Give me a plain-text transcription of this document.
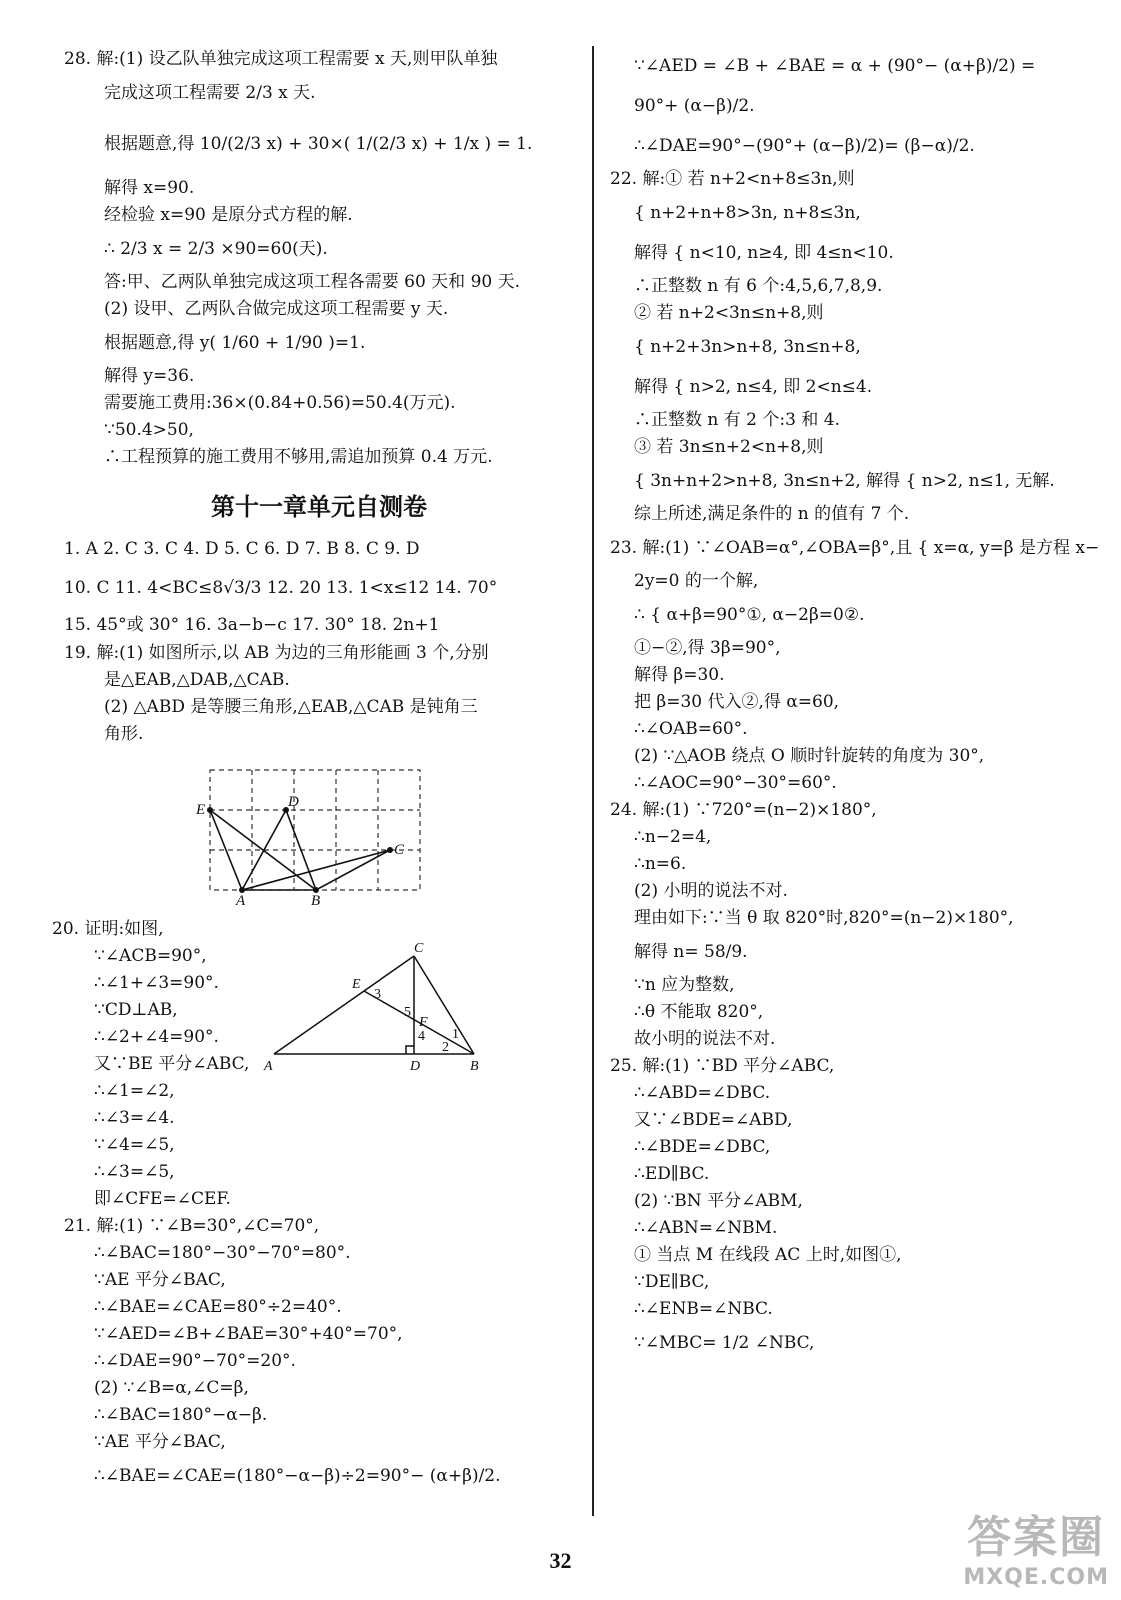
28. 解:(1) 设乙队单独完成这项工程需要 x 天,则甲队单独
完成这项工程需要 2/3 x 天.
根据题意,得 10/(2/3 x) + 30×( 1/(2/3 x) + 1/x ) = 1.
解得 x=90.
经检验 x=90 是原分式方程的解.
∴ 2/3 x = 2/3 ×90=60(天).
答:甲、乙两队单独完成这项工程各需要 60 天和 90 天.
(2) 设甲、乙两队合做完成这项工程需要 y 天.
根据题意,得 y( 1/60 + 1/90 )=1.
解得 y=36.
需要施工费用:36×(0.84+0.56)=50.4(万元).
∵50.4>50,
∴工程预算的施工费用不够用,需追加预算 0.4 万元.
第十一章单元自测卷
1. A 2. C 3. C 4. D 5. C 6. D 7. B 8. C 9. D
10. C 11. 4<BC≤8√3/3 12. 20 13. 1<x≤12 14. 70°
15. 45°或 30° 16. 3a−b−c 17. 30° 18. 2n+1
19. 解:(1) 如图所示,以 AB 为边的三角形能画 3 个,分别
是△EAB,△DAB,△CAB.
(2) △ABD 是等腰三角形,△EAB,△CAB 是钝角三
角形.
E	D
C
A	B
20. 证明:如图,
∵∠ACB=90°,
∴∠1+∠3=90°.
∵CD⊥AB,
∴∠2+∠4=90°.
又∵BE 平分∠ABC,
∴∠1=∠2,
∴∠3=∠4.
∵∠4=∠5,
∴∠3=∠5,
即∠CFE=∠CEF.
C
E
3
5
F
4 1
2
A	D	B
21. 解:(1) ∵∠B=30°,∠C=70°,
∴∠BAC=180°−30°−70°=80°.
∵AE 平分∠BAC,
∴∠BAE=∠CAE=80°÷2=40°.
∵∠AED=∠B+∠BAE=30°+40°=70°,
∴∠DAE=90°−70°=20°.
(2) ∵∠B=α,∠C=β,
∴∠BAC=180°−α−β.
∵AE 平分∠BAC,
∴∠BAE=∠CAE=(180°−α−β)÷2=90°− (α+β)/2.
∵∠AED = ∠B + ∠BAE = α + (90°− (α+β)/2) =
90°+ (α−β)/2.
∴∠DAE=90°−(90°+ (α−β)/2)= (β−α)/2.
22. 解:① 若 n+2<n+8≤3n,则
{ n+2+n+8>3n, n+8≤3n,
解得 { n<10, n≥4, 即 4≤n<10.
∴正整数 n 有 6 个:4,5,6,7,8,9.
② 若 n+2<3n≤n+8,则
{ n+2+3n>n+8, 3n≤n+8,
解得 { n>2, n≤4, 即 2<n≤4.
∴正整数 n 有 2 个:3 和 4.
③ 若 3n≤n+2<n+8,则
{ 3n+n+2>n+8, 3n≤n+2, 解得 { n>2, n≤1, 无解.
综上所述,满足条件的 n 的值有 7 个.
23. 解:(1) ∵∠OAB=α°,∠OBA=β°,且 { x=α, y=β 是方程 x−
2y=0 的一个解,
∴ { α+β=90°①, α−2β=0②.
①−②,得 3β=90°,
解得 β=30.
把 β=30 代入②,得 α=60,
∴∠OAB=60°.
(2) ∵△AOB 绕点 O 顺时针旋转的角度为 30°,
∴∠AOC=90°−30°=60°.
24. 解:(1) ∵720°=(n−2)×180°,
∴n−2=4,
∴n=6.
(2) 小明的说法不对.
理由如下:∵当 θ 取 820°时,820°=(n−2)×180°,
解得 n= 58/9.
∵n 应为整数,
∴θ 不能取 820°,
故小明的说法不对.
25. 解:(1) ∵BD 平分∠ABC,
∴∠ABD=∠DBC.
又∵∠BDE=∠ABD,
∴∠BDE=∠DBC,
∴ED∥BC.
(2) ∵BN 平分∠ABM,
∴∠ABN=∠NBM.
① 当点 M 在线段 AC 上时,如图①,
∵DE∥BC,
∴∠ENB=∠NBC.
∵∠MBC= 1/2 ∠NBC,
32	答案圈
MXQE.COM
